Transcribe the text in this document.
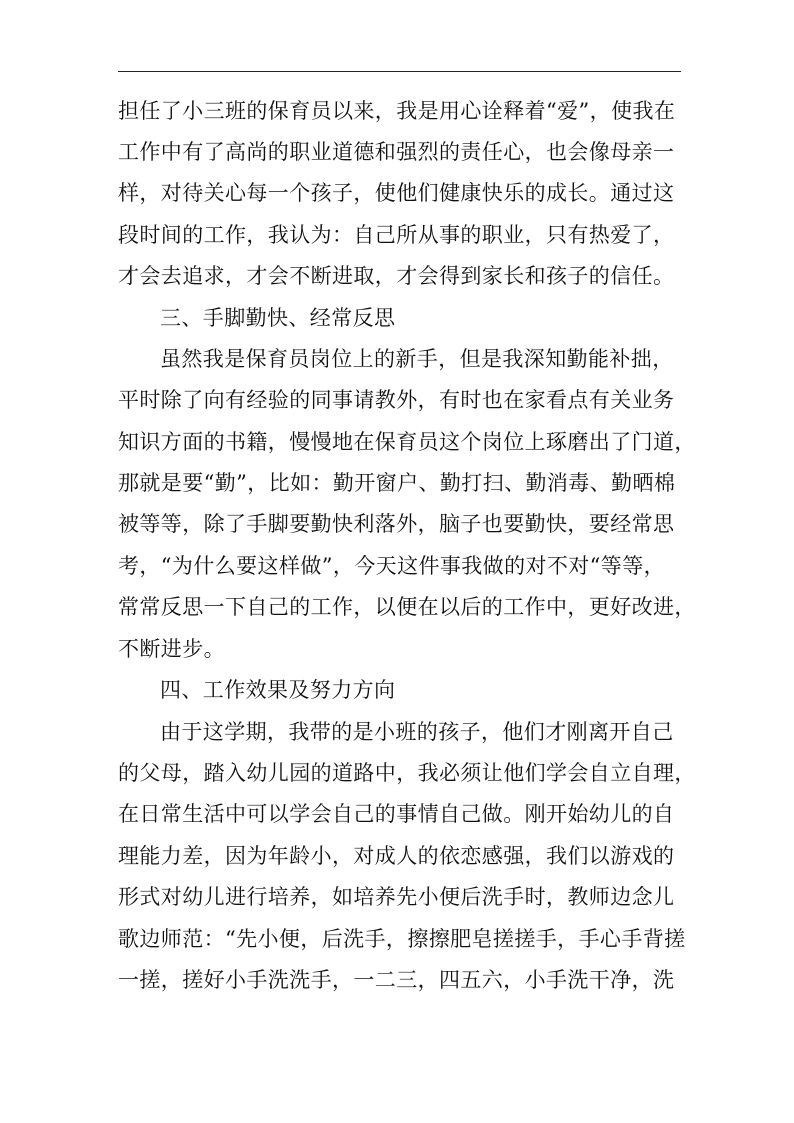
担任了小三班的保育员以来，我是用心诠释着“爱”，使我在
工作中有了高尚的职业道德和强烈的责任心，也会像母亲一
样，对待关心每一个孩子，使他们健康快乐的成长。通过这
段时间的工作，我认为：自己所从事的职业，只有热爱了，
才会去追求，才会不断进取，才会得到家长和孩子的信任。
三、手脚勤快、经常反思
虽然我是保育员岗位上的新手，但是我深知勤能补拙，
平时除了向有经验的同事请教外，有时也在家看点有关业务
知识方面的书籍，慢慢地在保育员这个岗位上琢磨出了门道，
那就是要“勤”，比如：勤开窗户、勤打扫、勤消毒、勤晒棉
被等等，除了手脚要勤快利落外，脑子也要勤快，要经常思
考，“为什么要这样做”，今天这件事我做的对不对“等等，
常常反思一下自己的工作，以便在以后的工作中，更好改进，
不断进步。
四、工作效果及努力方向
由于这学期，我带的是小班的孩子，他们才刚离开自己
的父母，踏入幼儿园的道路中，我必须让他们学会自立自理，
在日常生活中可以学会自己的事情自己做。刚开始幼儿的自
理能力差，因为年龄小，对成人的依恋感强，我们以游戏的
形式对幼儿进行培养，如培养先小便后洗手时，教师边念儿
歌边师范：“先小便，后洗手，擦擦肥皂搓搓手，手心手背搓
一搓，搓好小手洗洗手，一二三，四五六，小手洗干净，洗
